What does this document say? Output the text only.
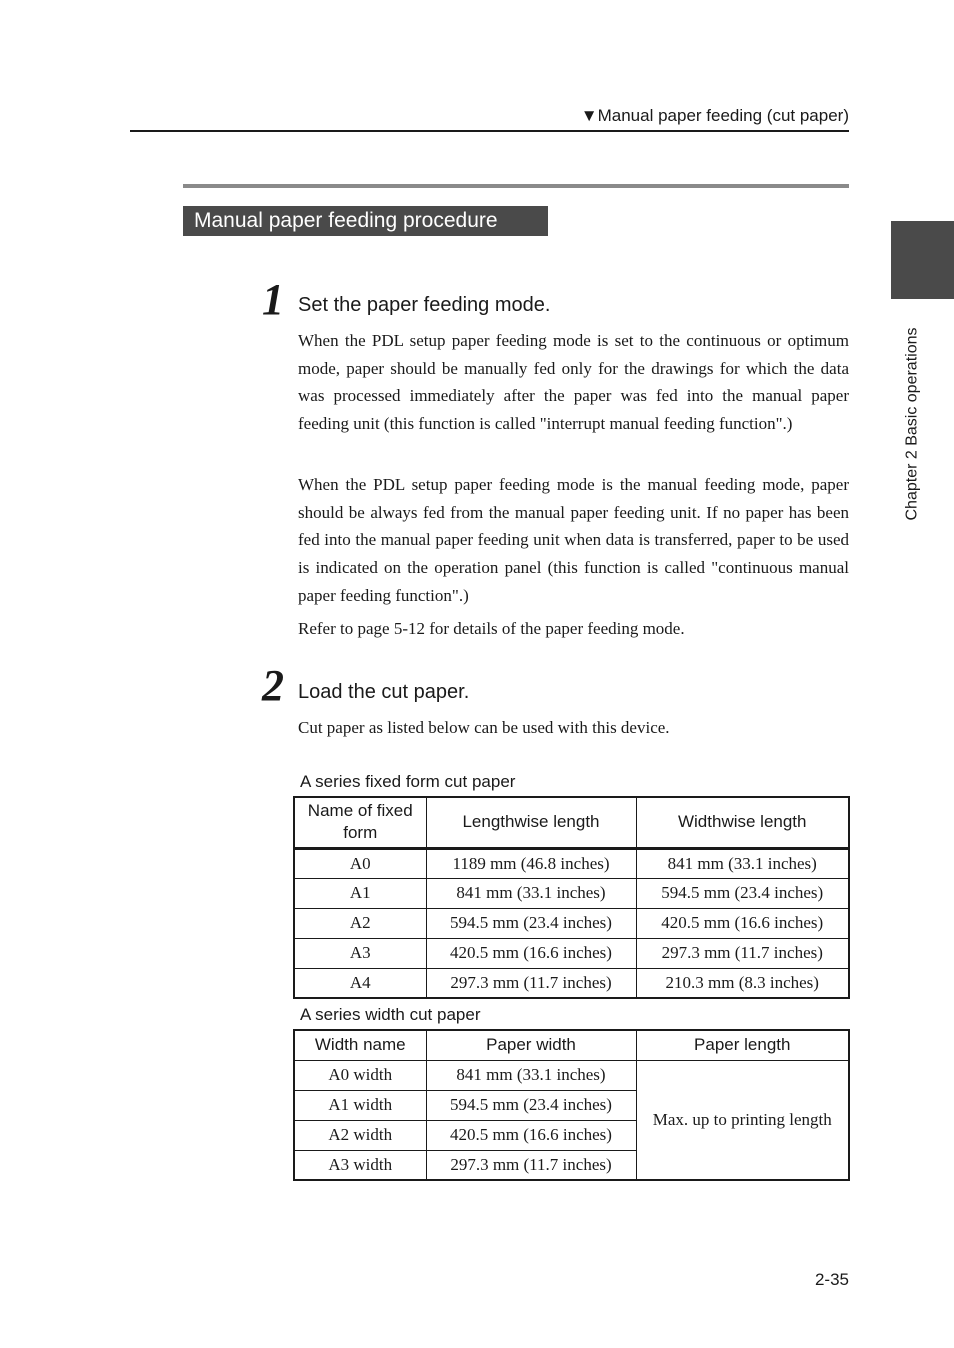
▼Manual paper feeding (cut paper)
Chapter 2 Basic operations
Manual paper feeding procedure
1 Set the paper feeding mode.

When the PDL setup paper feeding mode is set to the continuous or optimum mode, paper should be manually fed only for the drawings for which the data was processed immediately after the paper was fed into the manual paper feeding unit (this function is called "interrupt manual feeding function".)

When the PDL setup paper feeding mode is the manual feeding mode, paper should be always fed from the manual paper feeding unit. If no paper has been fed into the manual paper feeding unit when data is transferred, paper to be used is indicated on the operation panel (this function is called "continuous manual paper feeding function".)

Refer to page 5-12 for details of the paper feeding mode.

2 Load the cut paper.

Cut paper as listed below can be used with this device.

A series fixed form cut paper
Name of fixed form	Lengthwise length	Widthwise length
A0	1189 mm (46.8 inches)	841 mm (33.1 inches)
A1	841 mm (33.1 inches)	594.5 mm (23.4 inches)
A2	594.5 mm (23.4 inches)	420.5 mm (16.6 inches)
A3	420.5 mm (16.6 inches)	297.3 mm (11.7 inches)
A4	297.3 mm (11.7 inches)	210.3 mm (8.3 inches)
A series width cut paper
Width name	Paper width	Paper length
A0 width	841 mm (33.1 inches)	Max. up to printing length
A1 width	594.5 mm (23.4 inches)	
A2 width	420.5 mm (16.6 inches)	
A3 width	297.3 mm (11.7 inches)	
2-35
